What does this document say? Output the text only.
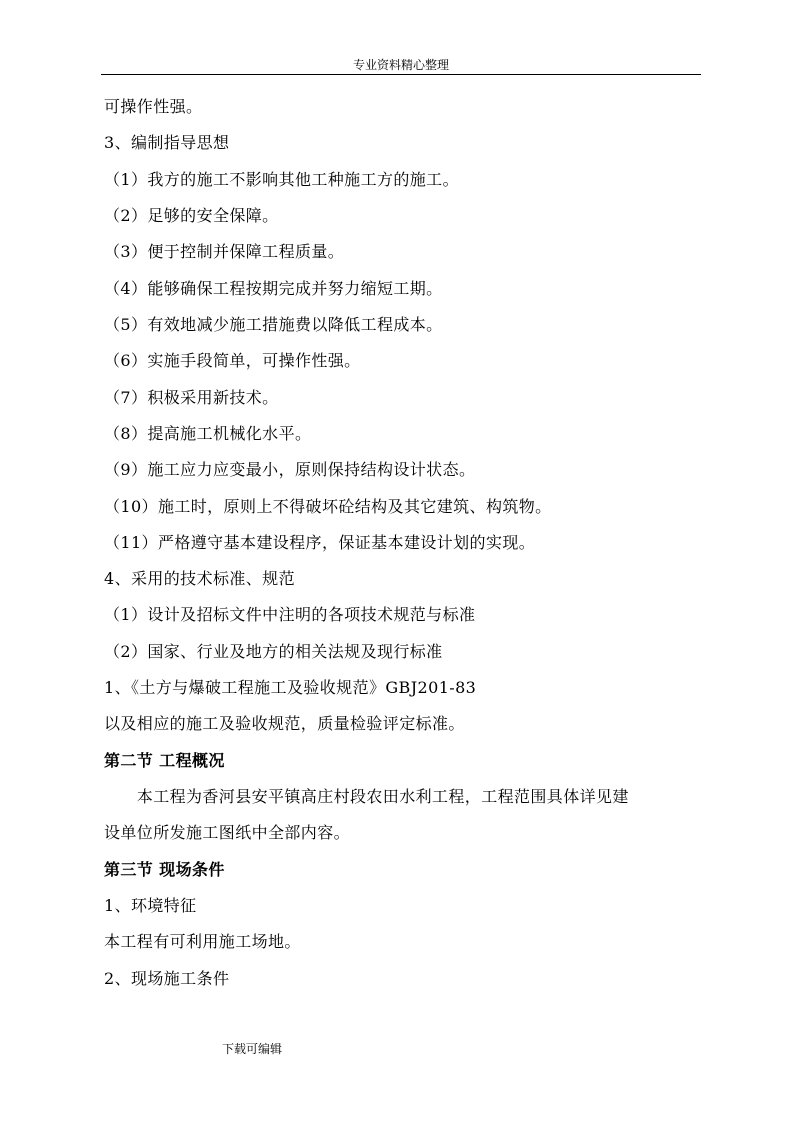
专业资料精心整理
可操作性强。
3、编制指导思想
（1）我方的施工不影响其他工种施工方的施工。
（2）足够的安全保障。
（3）便于控制并保障工程质量。
（4）能够确保工程按期完成并努力缩短工期。
（5）有效地减少施工措施费以降低工程成本。
（6）实施手段简单，可操作性强。
（7）积极采用新技术。
（8）提高施工机械化水平。
（9）施工应力应变最小，原则保持结构设计状态。
（10）施工时，原则上不得破坏砼结构及其它建筑、构筑物。
（11）严格遵守基本建设程序，保证基本建设计划的实现。
4、采用的技术标准、规范
（1）设计及招标文件中注明的各项技术规范与标准
（2）国家、行业及地方的相关法规及现行标准
1、《土方与爆破工程施工及验收规范》GBJ201-83
以及相应的施工及验收规范，质量检验评定标准。
第二节 工程概况
　　本工程为香河县安平镇高庄村段农田水利工程，工程范围具体详见建
设单位所发施工图纸中全部内容。
第三节 现场条件
1、环境特征
本工程有可利用施工场地。
2、现场施工条件
下载可编辑
